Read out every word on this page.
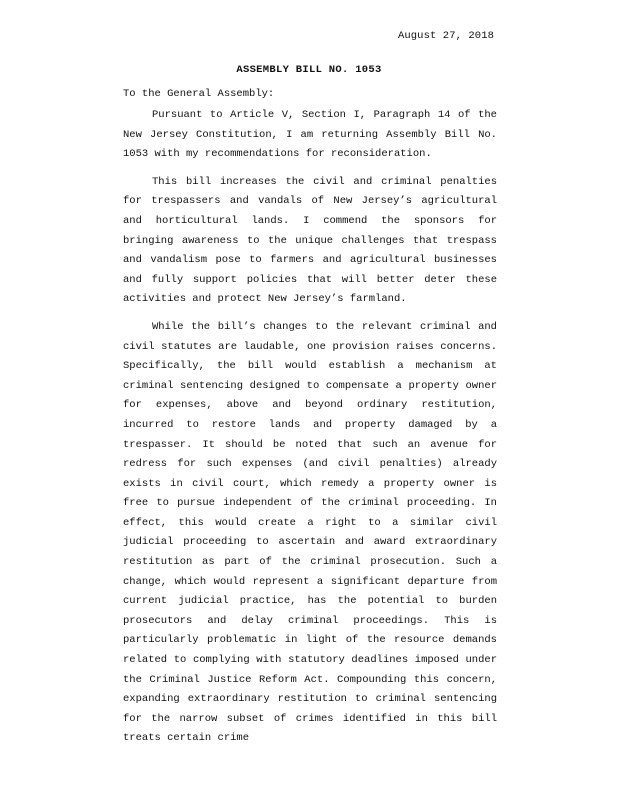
August 27, 2018
ASSEMBLY BILL NO. 1053
To the General Assembly:

Pursuant to Article V, Section I, Paragraph 14 of the New Jersey Constitution, I am returning Assembly Bill No. 1053 with my recommendations for reconsideration.

This bill increases the civil and criminal penalties for trespassers and vandals of New Jersey’s agricultural and horticultural lands. I commend the sponsors for bringing awareness to the unique challenges that trespass and vandalism pose to farmers and agricultural businesses and fully support policies that will better deter these activities and protect New Jersey’s farmland.

While the bill’s changes to the relevant criminal and civil statutes are laudable, one provision raises concerns. Specifically, the bill would establish a mechanism at criminal sentencing designed to compensate a property owner for expenses, above and beyond ordinary restitution, incurred to restore lands and property damaged by a trespasser. It should be noted that such an avenue for redress for such expenses (and civil penalties) already exists in civil court, which remedy a property owner is free to pursue independent of the criminal proceeding. In effect, this would create a right to a similar civil judicial proceeding to ascertain and award extraordinary restitution as part of the criminal prosecution. Such a change, which would represent a significant departure from current judicial practice, has the potential to burden prosecutors and delay criminal proceedings. This is particularly problematic in light of the resource demands related to complying with statutory deadlines imposed under the Criminal Justice Reform Act. Compounding this concern, expanding extraordinary restitution to criminal sentencing for the narrow subset of crimes identified in this bill treats certain crime
